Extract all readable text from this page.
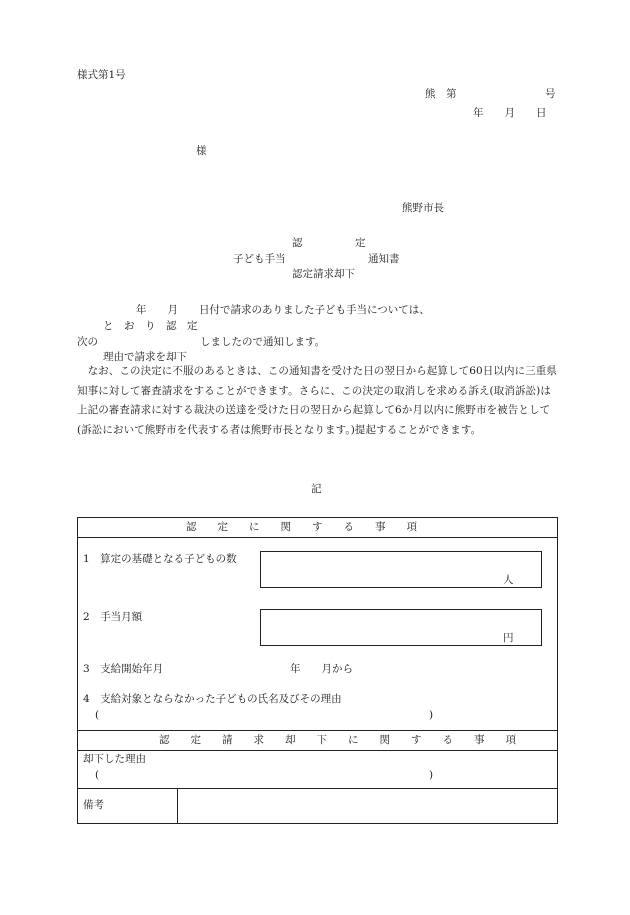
様式第1号
熊　第	号
年　　月　　日
様
熊野市長
認　　　　　定
子ども手当	通知書
認定請求却下
年　　月　　日付で請求のありました子ども手当については、
と　お　り　認　定
次の	しましたので通知します。
理由で請求を却下
　なお、この決定に不服のあるときは、この通知書を受けた日の翌日から起算して60日以内に三重県知事に対して審査請求をすることができます。さらに、この決定の取消しを求める訴え(取消訴訟)は上記の審査請求に対する裁決の送達を受けた日の翌日から起算して6か月以内に熊野市を被告として(訴訟において熊野市を代表する者は熊野市長となります。)提起することができます。
記
認　　定　　に　　関　　す　　る　　事　　項
1　算定の基礎となる子どもの数
人
2　手当月額
円
3　支給開始年月	年　　月から
4　支給対象とならなかった子どもの氏名及びその理由
(	)
認　　定　　請　　求　　却　　下　　に　　関　　す　　る　　事　　項
却下した理由
(	)
備考
